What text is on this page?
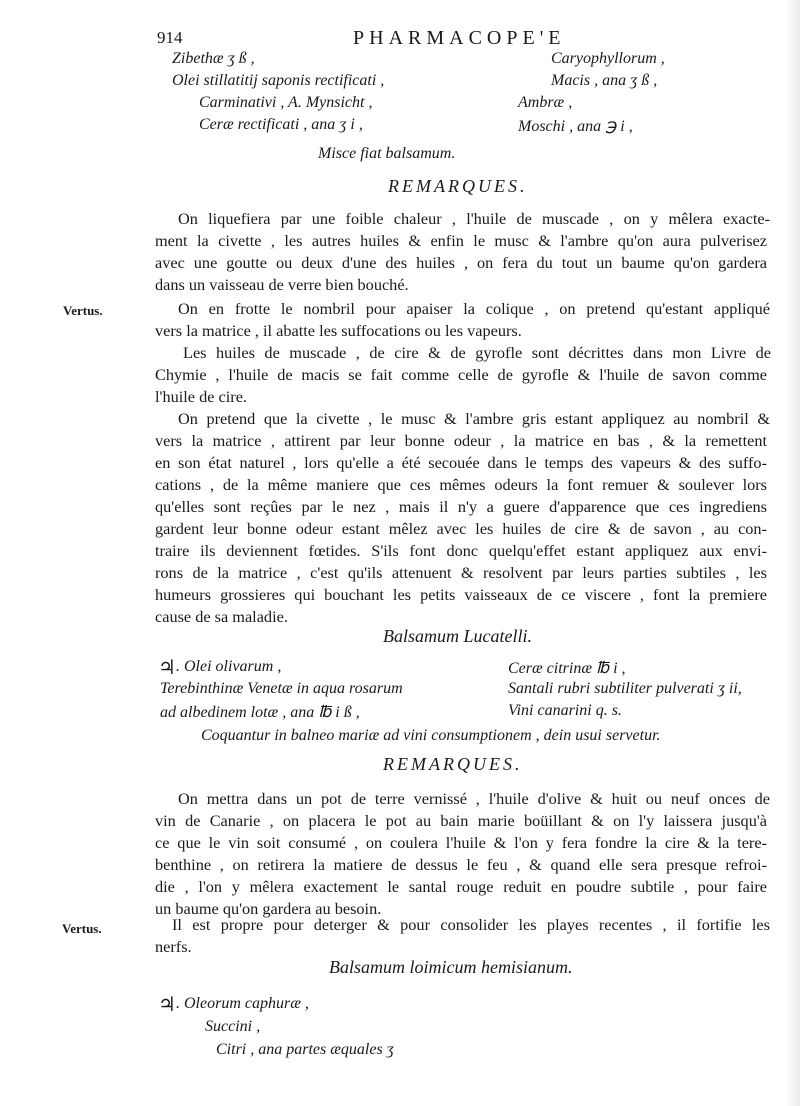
914	PHARMACOPE'E
Zibethæ ʒ ß ,
Olei stillatitij saponis rectificati ,
Carminativi , A. Mynsicht ,
Ceræ rectificati , ana ʒ i ,
Caryophyllorum ,
Macis , ana ʒ ß ,
Ambræ ,
Moschi , ana ℈ i ,
Misce fiat balsamum.
REMARQUES.
On liquefiera par une foible chaleur , l'huile de muscade , on y mêlera exacte-
ment la civette , les autres huiles & enfin le musc & l'ambre qu'on aura pulverisez
avec une goutte ou deux d'une des huiles , on fera du tout un baume qu'on gardera
dans un vaisseau de verre bien bouché.
Vertus.	On en frotte le nombril pour apaiser la colique , on pretend qu'estant appliqué
vers la matrice , il abatte les suffocations ou les vapeurs.
Les huiles de muscade , de cire & de gyrofle sont décrittes dans mon Livre de
Chymie , l'huile de macis se fait comme celle de gyrofle & l'huile de savon comme
l'huile de cire.
On pretend que la civette , le musc & l'ambre gris estant appliquez au nombril &
vers la matrice , attirent par leur bonne odeur , la matrice en bas , & la remettent
en son état naturel , lors qu'elle a été secouée dans le temps des vapeurs & des suffo-
cations , de la même maniere que ces mêmes odeurs la font remuer & soulever lors
qu'elles sont reçûes par le nez , mais il n'y a guere d'apparence que ces ingrediens
gardent leur bonne odeur estant mêlez avec les huiles de cire & de savon , au con-
traire ils deviennent fœtides. S'ils font donc quelqu'effet estant appliquez aux envi-
rons de la matrice , c'est qu'ils attenuent & resolvent par leurs parties subtiles , les
humeurs grossieres qui bouchant les petits vaisseaux de ce viscere , font la premiere
cause de sa maladie.
Balsamum Lucatelli.
♃ . Olei olivarum ,
Terebinthinæ Venetæ in aqua rosarum
ad albedinem lotæ , ana ℔ i ß ,
Ceræ citrinæ ℔ i ,
Santali rubri subtiliter pulverati ʒ ii,
Vini canarini q. s.
Coquantur in balneo mariæ ad vini consumptionem , dein usui servetur.
REMARQUES.
On mettra dans un pot de terre vernissé , l'huile d'olive & huit ou neuf onces de
vin de Canarie , on placera le pot au bain marie boüillant & on l'y laissera jusqu'à
ce que le vin soit consumé , on coulera l'huile & l'on y fera fondre la cire & la tere-
benthine , on retirera la matiere de dessus le feu , & quand elle sera presque refroi-
die , l'on y mêlera exactement le santal rouge reduit en poudre subtile , pour faire
un baume qu'on gardera au besoin.
Vertus.	Il est propre pour deterger & pour consolider les playes recentes , il fortifie les
nerfs.
Balsamum loimicum hemisianum.
♃ . Oleorum caphuræ ,
Succini ,
Citri , ana partes æquales ʒ
